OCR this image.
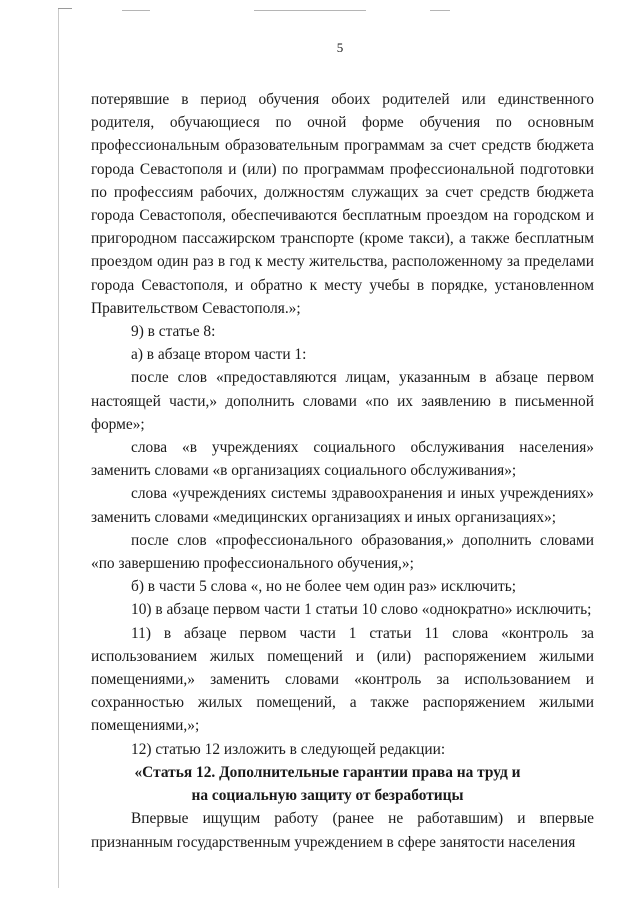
5

потерявшие в период обучения обоих родителей или единственного родителя, обучающиеся по очной форме обучения по основным профессиональным образовательным программам за счет средств бюджета города Севастополя и (или) по программам профессиональной подготовки по профессиям рабочих, должностям служащих за счет средств бюджета города Севастополя, обеспечиваются бесплатным проездом на городском и пригородном пассажирском транспорте (кроме такси), а также бесплатным проездом один раз в год к месту жительства, расположенному за пределами города Севастополя, и обратно к месту учебы в порядке, установленном Правительством Севастополя.»;

9) в статье 8:

а) в абзаце втором части 1:

после слов «предоставляются лицам, указанным в абзаце первом настоящей части,» дополнить словами «по их заявлению в письменной форме»;

слова «в учреждениях социального обслуживания населения» заменить словами «в организациях социального обслуживания»;

слова «учреждениях системы здравоохранения и иных учреждениях» заменить словами «медицинских организациях и иных организациях»;

после слов «профессионального образования,» дополнить словами «по завершению профессионального обучения,»;

б) в части 5 слова «, но не более чем один раз» исключить;

10) в абзаце первом части 1 статьи 10 слово «однократно» исключить;

11) в абзаце первом части 1 статьи 11 слова «контроль за использованием жилых помещений и (или) распоряжением жилыми помещениями,» заменить словами «контроль за использованием и сохранностью жилых помещений, а также распоряжением жилыми помещениями,»;

12) статью 12 изложить в следующей редакции:

«Статья 12. Дополнительные гарантии права на труд и
на социальную защиту от безработицы

Впервые ищущим работу (ранее не работавшим) и впервые признанным государственным учреждением в сфере занятости населения
